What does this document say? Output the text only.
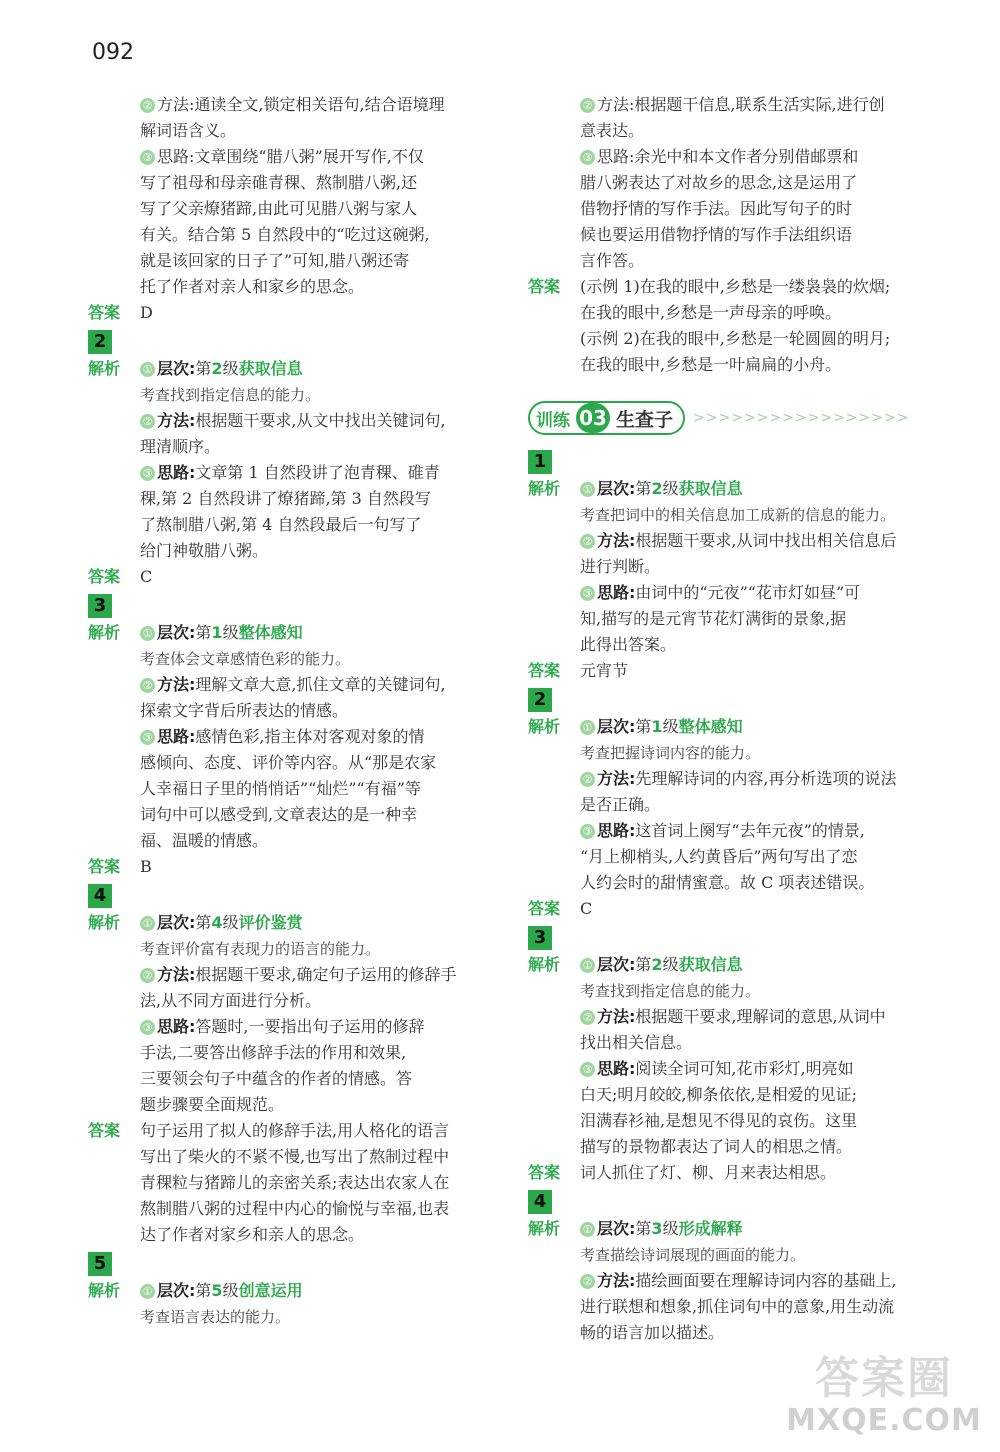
092
② 方法:通读全文,锁定相关语句,结合语境理
解词语含义。
③ 思路:文章围绕“腊八粥”展开写作,不仅
写了祖母和母亲碓青稞、熬制腊八粥,还
写了父亲燎猪蹄,由此可见腊八粥与家人
有关。结合第 5 自然段中的“吃过这碗粥,
就是该回家的日子了”可知,腊八粥还寄
托了作者对亲人和家乡的思念。
答案	D
2
解析	① 层次:第2级获取信息
考查找到指定信息的能力。
② 方法:根据题干要求,从文中找出关键词句,
理清顺序。
③ 思路:文章第 1 自然段讲了泡青稞、碓青
稞,第 2 自然段讲了燎猪蹄,第 3 自然段写
了熬制腊八粥,第 4 自然段最后一句写了
给门神敬腊八粥。
答案	C
3
解析	① 层次:第1级整体感知
考查体会文章感情色彩的能力。
② 方法:理解文章大意,抓住文章的关键词句,
探索文字背后所表达的情感。
③ 思路:感情色彩,指主体对客观对象的情
感倾向、态度、评价等内容。从“那是农家
人幸福日子里的悄悄话”“灿烂”“有福”等
词句中可以感受到,文章表达的是一种幸
福、温暖的情感。
答案	B
4
解析	① 层次:第4级评价鉴赏
考查评价富有表现力的语言的能力。
② 方法:根据题干要求,确定句子运用的修辞手
法,从不同方面进行分析。
③ 思路:答题时,一要指出句子运用的修辞
手法,二要答出修辞手法的作用和效果,
三要领会句子中蕴含的作者的情感。答
题步骤要全面规范。
答案	句子运用了拟人的修辞手法,用人格化的语言
写出了柴火的不紧不慢,也写出了熬制过程中
青稞粒与猪蹄儿的亲密关系;表达出农家人在
熬制腊八粥的过程中内心的愉悦与幸福,也表
达了作者对家乡和亲人的思念。
5
解析	① 层次:第5级创意运用
考查语言表达的能力。
② 方法:根据题干信息,联系生活实际,进行创
意表达。
③ 思路:余光中和本文作者分别借邮票和
腊八粥表达了对故乡的思念,这是运用了
借物抒情的写作手法。因此写句子的时
候也要运用借物抒情的写作手法组织语
言作答。
答案	(示例 1)在我的眼中,乡愁是一缕袅袅的炊烟;
在我的眼中,乡愁是一声母亲的呼唤。
(示例 2)在我的眼中,乡愁是一轮圆圆的明月;
在我的眼中,乡愁是一叶扁扁的小舟。
训练 03 生查子 >>>>>>>>>>>>>>>>>
1
解析	① 层次:第2级获取信息
考查把词中的相关信息加工成新的信息的能力。
② 方法:根据题干要求,从词中找出相关信息后
进行判断。
③ 思路:由词中的“元夜”“花市灯如昼”可
知,描写的是元宵节花灯满街的景象,据
此得出答案。
答案	元宵节
2
解析	① 层次:第1级整体感知
考查把握诗词内容的能力。
② 方法:先理解诗词的内容,再分析选项的说法
是否正确。
③ 思路:这首词上阕写“去年元夜”的情景,
“月上柳梢头,人约黄昏后”两句写出了恋
人约会时的甜情蜜意。故 C 项表述错误。
答案	C
3
解析	① 层次:第2级获取信息
考查找到指定信息的能力。
② 方法:根据题干要求,理解词的意思,从词中
找出相关信息。
③ 思路:阅读全词可知,花市彩灯,明亮如
白天;明月皎皎,柳条依依,是相爱的见证;
泪满春衫袖,是想见不得见的哀伤。这里
描写的景物都表达了词人的相思之情。
答案	词人抓住了灯、柳、月来表达相思。
4
解析	① 层次:第3级形成解释
考查描绘诗词展现的画面的能力。
② 方法:描绘画面要在理解诗词内容的基础上,
进行联想和想象,抓住词句中的意象,用生动流
畅的语言加以描述。
答案圈
MXQE.COM
